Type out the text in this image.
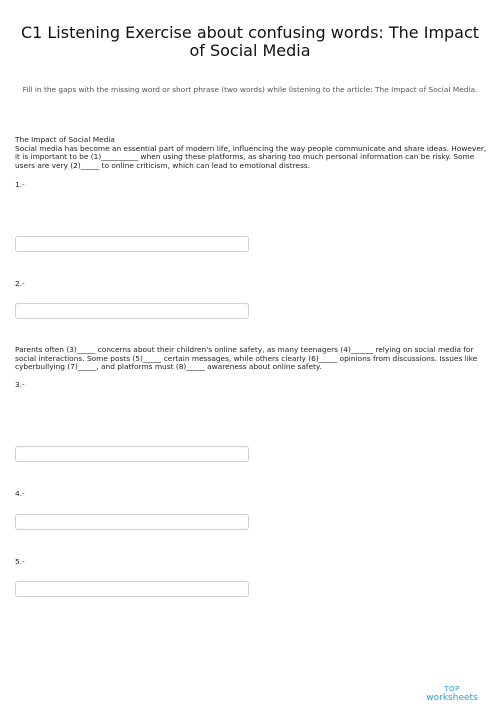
C1 Listening Exercise about confusing words: The Impact of Social Media
Fill in the gaps with the missing word or short phrase (two words) while listening to the article: The Impact of Social Media.

The Impact of Social Media

Social media has become an essential part of modern life, influencing the way people communicate and share ideas. However, it is important to be (1)__________ when using these platforms, as sharing too much personal information can be risky. Some users are very (2)_____ to online criticism, which can lead to emotional distress.

1.-
2.-

Parents often (3)_____ concerns about their children's online safety, as many teenagers (4)______ relying on social media for social interactions. Some posts (5)_____ certain messages, while others clearly (6)_____ opinions from discussions. Issues like cyberbullying (7)_____, and platforms must (8)_____ awareness about online safety.

3.-
4.-
5.-
TOP
worksheets
